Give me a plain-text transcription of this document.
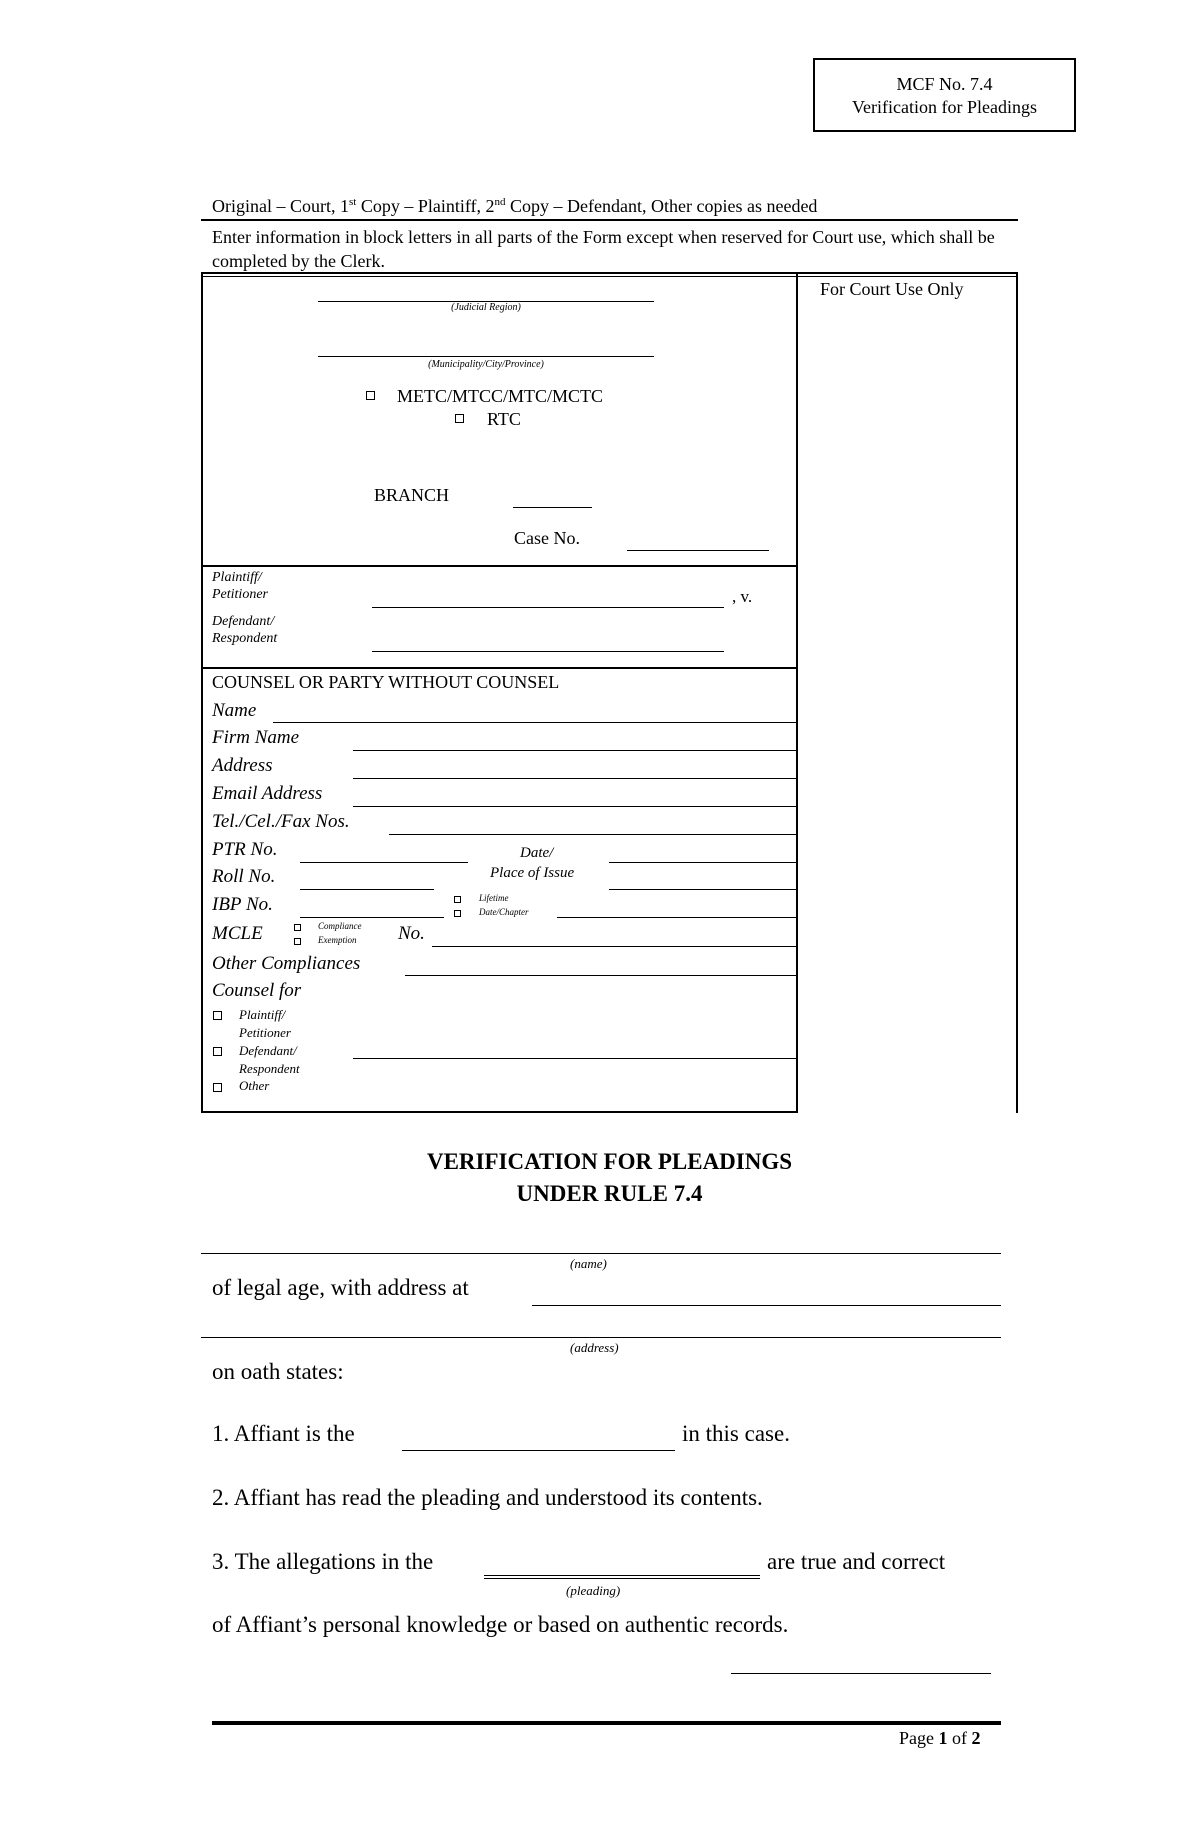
MCF No. 7.4
Verification for Pleadings
Original – Court, 1st Copy – Plaintiff, 2nd Copy – Defendant, Other copies as needed
Enter information in block letters in all parts of the Form except when reserved for Court use, which shall be completed by the Clerk.
For Court Use Only
(Judicial Region)
(Municipality/City/Province)
METC/MTCC/MTC/MCTC
RTC
BRANCH
Case No.
Plaintiff/
Petitioner	, v.
Defendant/
Respondent
COUNSEL OR PARTY WITHOUT COUNSEL
Name
Firm Name
Address
Email Address
Tel./Cel./Fax Nos.
PTR No.	Date/
Roll No.	Place of Issue
IBP No.	Lifetime
Date/Chapter
MCLE	Compliance
Exemption No.
Other Compliances
Counsel for
Plaintiff/
Petitioner
Defendant/
Respondent
Other
VERIFICATION FOR PLEADINGS
UNDER RULE 7.4
(name)
of legal age, with address at
(address)
on oath states:
1. Affiant is the	in this case.
2. Affiant has read the pleading and understood its contents.
3. The allegations in the	are true and correct
(pleading)
of Affiant’s personal knowledge or based on authentic records.
Page 1 of 2
